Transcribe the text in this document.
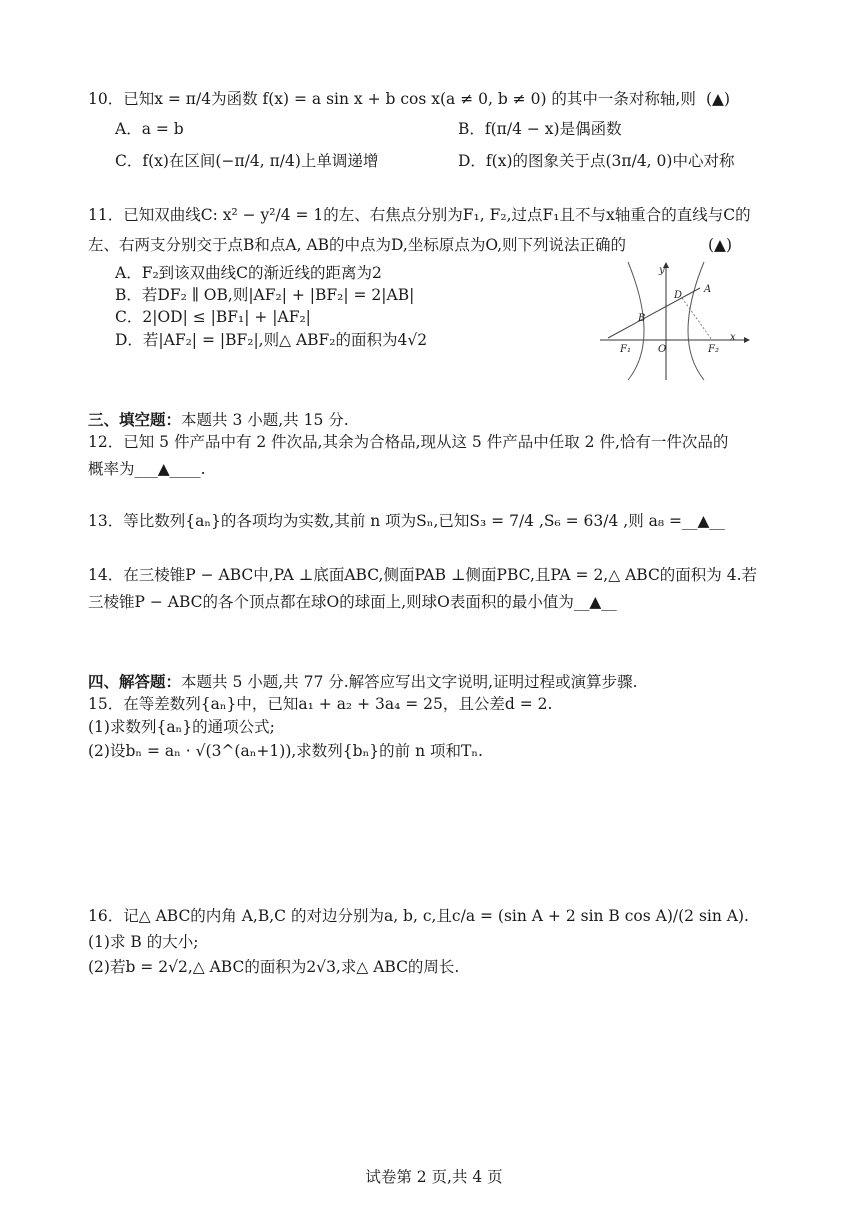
10．已知x = π/4为函数 f(x) = a sin x + b cos x(a ≠ 0, b ≠ 0) 的其中一条对称轴,则 (▲)
A．a = b	B．f(π/4 − x)是偶函数
C．f(x)在区间(−π/4, π/4)上单调递增	D．f(x)的图象关于点(3π/4, 0)中心对称
11．已知双曲线C: x² − y²/4 = 1的左、右焦点分别为F₁, F₂,过点F₁且不与x轴重合的直线与C的
左、右两支分别交于点B和点A, AB的中点为D,坐标原点为O,则下列说法正确的	(▲)
A．F₂到该双曲线C的渐近线的距离为2
B．若DF₂ ∥ OB,则|AF₂| + |BF₂| = 2|AB|
C．2|OD| ≤ |BF₁| + |AF₂|
D．若|AF₂| = |BF₂|,则△ ABF₂的面积为4√2
y
x
A
D
B
O
F₁	F₂
三、填空题：本题共 3 小题,共 15 分.
12．已知 5 件产品中有 2 件次品,其余为合格品,现从这 5 件产品中任取 2 件,恰有一件次品的
概率为___▲____.
13．等比数列{aₙ}的各项均为实数,其前 n 项为Sₙ,已知S₃ = 7/4 ,S₆ = 63/4 ,则 a₈ =__▲__
14．在三棱锥P − ABC中,PA ⊥底面ABC,侧面PAB ⊥侧面PBC,且PA = 2,△ ABC的面积为 4.若
三棱锥P − ABC的各个顶点都在球O的球面上,则球O表面积的最小值为__▲__
四、解答题：本题共 5 小题,共 77 分.解答应写出文字说明,证明过程或演算步骤.
15．在等差数列{aₙ}中，已知a₁ + a₂ + 3a₄ = 25，且公差d = 2.
(1)求数列{aₙ}的通项公式;
(2)设bₙ = aₙ · √(3^(aₙ+1)),求数列{bₙ}的前 n 项和Tₙ.
16．记△ ABC的内角 A,B,C 的对边分别为a, b, c,且c/a = (sin A + 2 sin B cos A)/(2 sin A).
(1)求 B 的大小;
(2)若b = 2√2,△ ABC的面积为2√3,求△ ABC的周长.
试卷第 2 页,共 4 页
